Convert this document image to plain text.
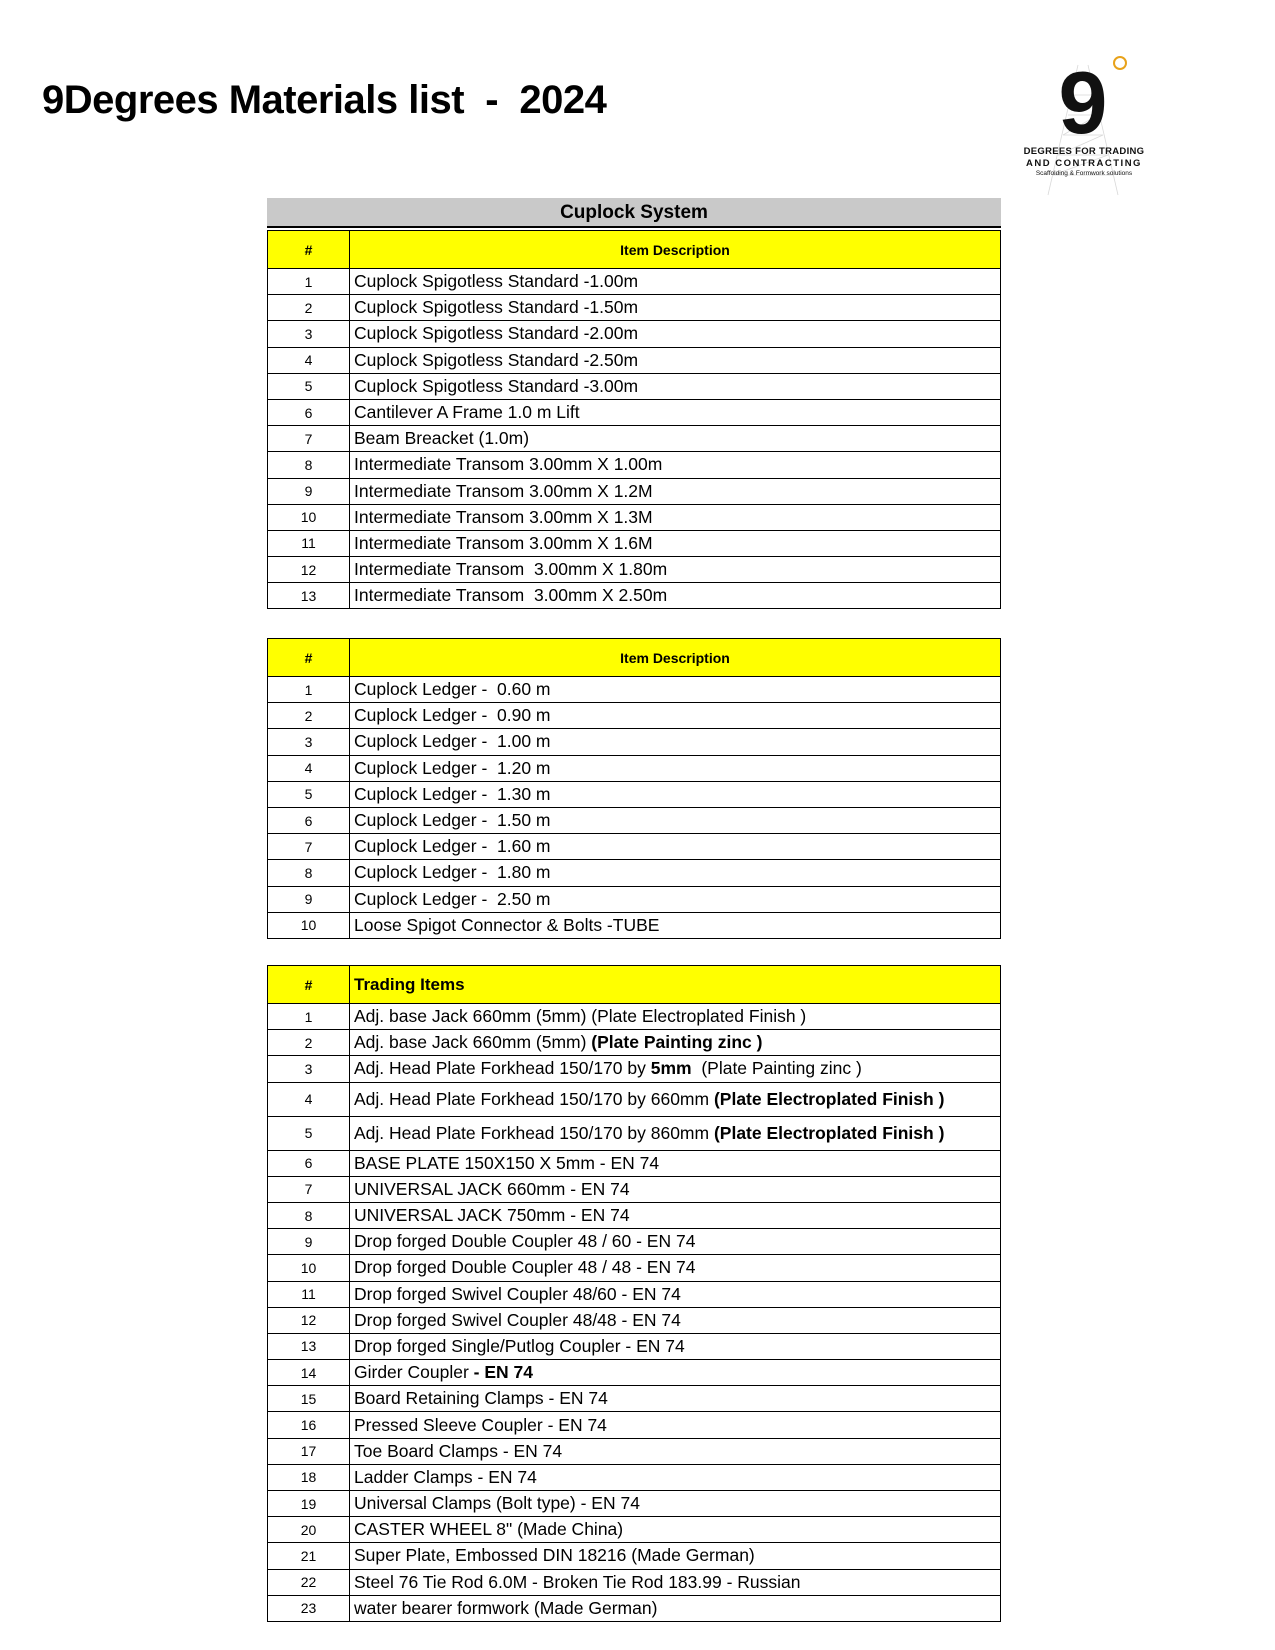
9Degrees Materials list  -  2024	9
DEGREES FOR TRADING
AND CONTRACTING
Scaffolding & Formwork solutions
Cuplock System
#	Item Description
1	Cuplock Spigotless Standard -1.00m
2	Cuplock Spigotless Standard -1.50m
3	Cuplock Spigotless Standard -2.00m
4	Cuplock Spigotless Standard -2.50m
5	Cuplock Spigotless Standard -3.00m
6	Cantilever A Frame 1.0 m Lift
7	Beam Breacket (1.0m)
8	Intermediate Transom 3.00mm X 1.00m
9	Intermediate Transom 3.00mm X 1.2M
10	Intermediate Transom 3.00mm X 1.3M
11	Intermediate Transom 3.00mm X 1.6M
12	Intermediate Transom  3.00mm X 1.80m
13	Intermediate Transom  3.00mm X 2.50m
#	Item Description
1	Cuplock Ledger -  0.60 m
2	Cuplock Ledger -  0.90 m
3	Cuplock Ledger -  1.00 m
4	Cuplock Ledger -  1.20 m
5	Cuplock Ledger -  1.30 m
6	Cuplock Ledger -  1.50 m
7	Cuplock Ledger -  1.60 m
8	Cuplock Ledger -  1.80 m
9	Cuplock Ledger -  2.50 m
10	Loose Spigot Connector & Bolts -TUBE
#	Trading Items
1	Adj. base Jack 660mm (5mm) (Plate Electroplated Finish )
2	Adj. base Jack 660mm (5mm) (Plate Painting zinc )
3	Adj. Head Plate Forkhead 150/170 by 5mm  (Plate Painting zinc )
4	Adj. Head Plate Forkhead 150/170 by 660mm (Plate Electroplated Finish )
5	Adj. Head Plate Forkhead 150/170 by 860mm (Plate Electroplated Finish )
6	BASE PLATE 150X150 X 5mm - EN 74
7	UNIVERSAL JACK 660mm - EN 74
8	UNIVERSAL JACK 750mm - EN 74
9	Drop forged Double Coupler 48 / 60 - EN 74
10	Drop forged Double Coupler 48 / 48 - EN 74
11	Drop forged Swivel Coupler 48/60 - EN 74
12	Drop forged Swivel Coupler 48/48 - EN 74
13	Drop forged Single/Putlog Coupler - EN 74
14	Girder Coupler - EN 74
15	Board Retaining Clamps - EN 74
16	Pressed Sleeve Coupler - EN 74
17	Toe Board Clamps - EN 74
18	Ladder Clamps - EN 74
19	Universal Clamps (Bolt type) - EN 74
20	CASTER WHEEL 8" (Made China)
21	Super Plate, Embossed DIN 18216 (Made German)
22	Steel 76 Tie Rod 6.0M - Broken Tie Rod 183.99 - Russian
23	water bearer formwork (Made German)
